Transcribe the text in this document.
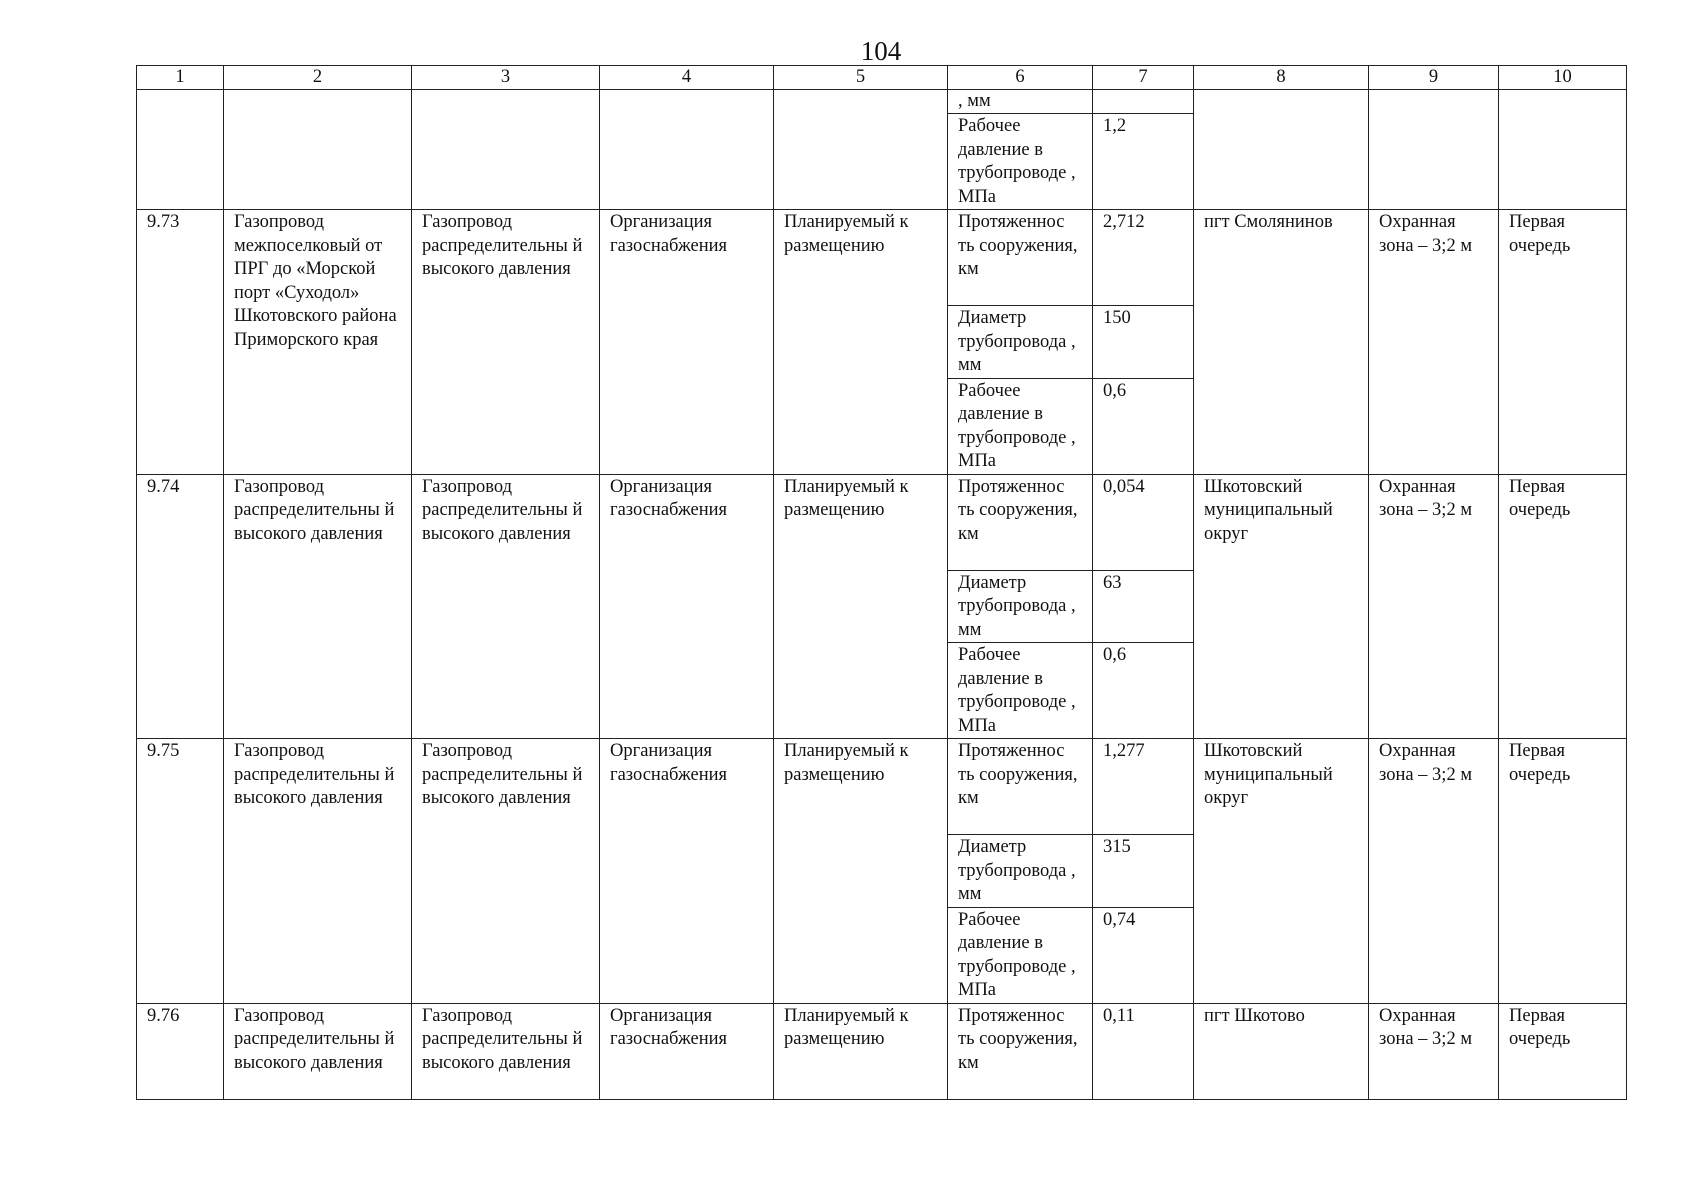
104
1	2	3	4	5	6	7	8	9	10
					, мм				
					Рабочее давление в трубопроводе , МПа	1,2			
9.73	Газопровод межпоселковый от ПРГ до «Морской порт «Суходол» Шкотовского района Приморского края	Газопровод распределительны й высокого давления	Организация газоснабжения	Планируемый к размещению	Протяженнос ть сооружения, км	2,712	пгт Смолянинов	Охранная зона – 3;2 м	Первая очередь
					Диаметр трубопровода , мм	150			
					Рабочее давление в трубопроводе , МПа	0,6			
9.74	Газопровод распределительны й высокого давления	Газопровод распределительны й высокого давления	Организация газоснабжения	Планируемый к размещению	Протяженнос ть сооружения, км	0,054	Шкотовский муниципальный округ	Охранная зона – 3;2 м	Первая очередь
					Диаметр трубопровода , мм	63			
					Рабочее давление в трубопроводе , МПа	0,6			
9.75	Газопровод распределительны й высокого давления	Газопровод распределительны й высокого давления	Организация газоснабжения	Планируемый к размещению	Протяженнос ть сооружения, км	1,277	Шкотовский муниципальный округ	Охранная зона – 3;2 м	Первая очередь
					Диаметр трубопровода , мм	315			
					Рабочее давление в трубопроводе , МПа	0,74			
9.76	Газопровод распределительны й высокого давления	Газопровод распределительны й высокого давления	Организация газоснабжения	Планируемый к размещению	Протяженнос ть сооружения, км	0,11	пгт Шкотово	Охранная зона – 3;2 м	Первая очередь
